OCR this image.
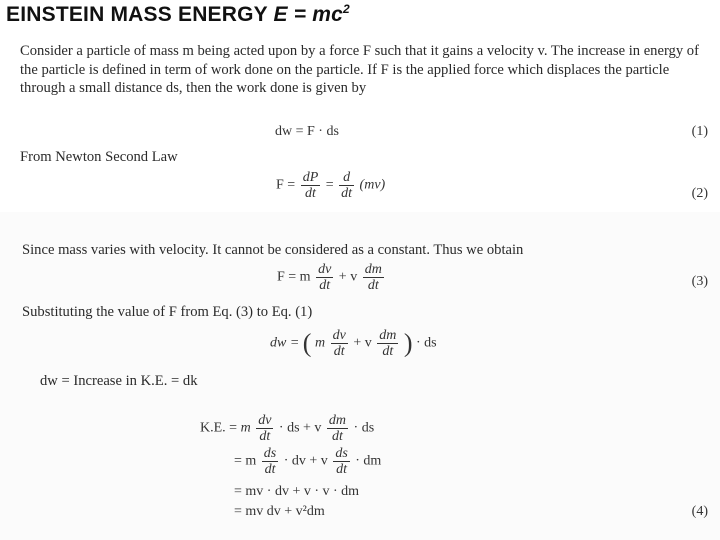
EINSTEIN MASS ENERGY $E = mc^2$

Consider a particle of mass m being acted upon by a force F such that it gains a velocity v. The increase in energy of the particle is defined in term of work done on the particle. If F is the applied force which displaces the particle through a small distance ds, then the work done is given by

dw = F · ds	(1)
From Newton Second Law
$F = \frac{dP}{dt} = \frac{d}{dt} (mv)$
(2)
Since mass varies with velocity. It cannot be considered as a constant. Thus we obtain
F = m $\frac{dv}{dt} + v \frac{dm}{dt}$	(3)
Substituting the value of F from Eq. (3) to Eq. (1)
dw = ( m $\frac{dv}{dt} + v \frac{dm}{dt}$ ) · ds
dw = Increase in K.E. = dk
K.E. = m $\frac{dv}{dt}$ · ds + v $\frac{dm}{dt}$ · ds
= m $\frac{ds}{dt}$ · dv + v $\frac{ds}{dt}$ · dm
= mv · dv + v · v · dm
= mv dv + v²dm	(4)
